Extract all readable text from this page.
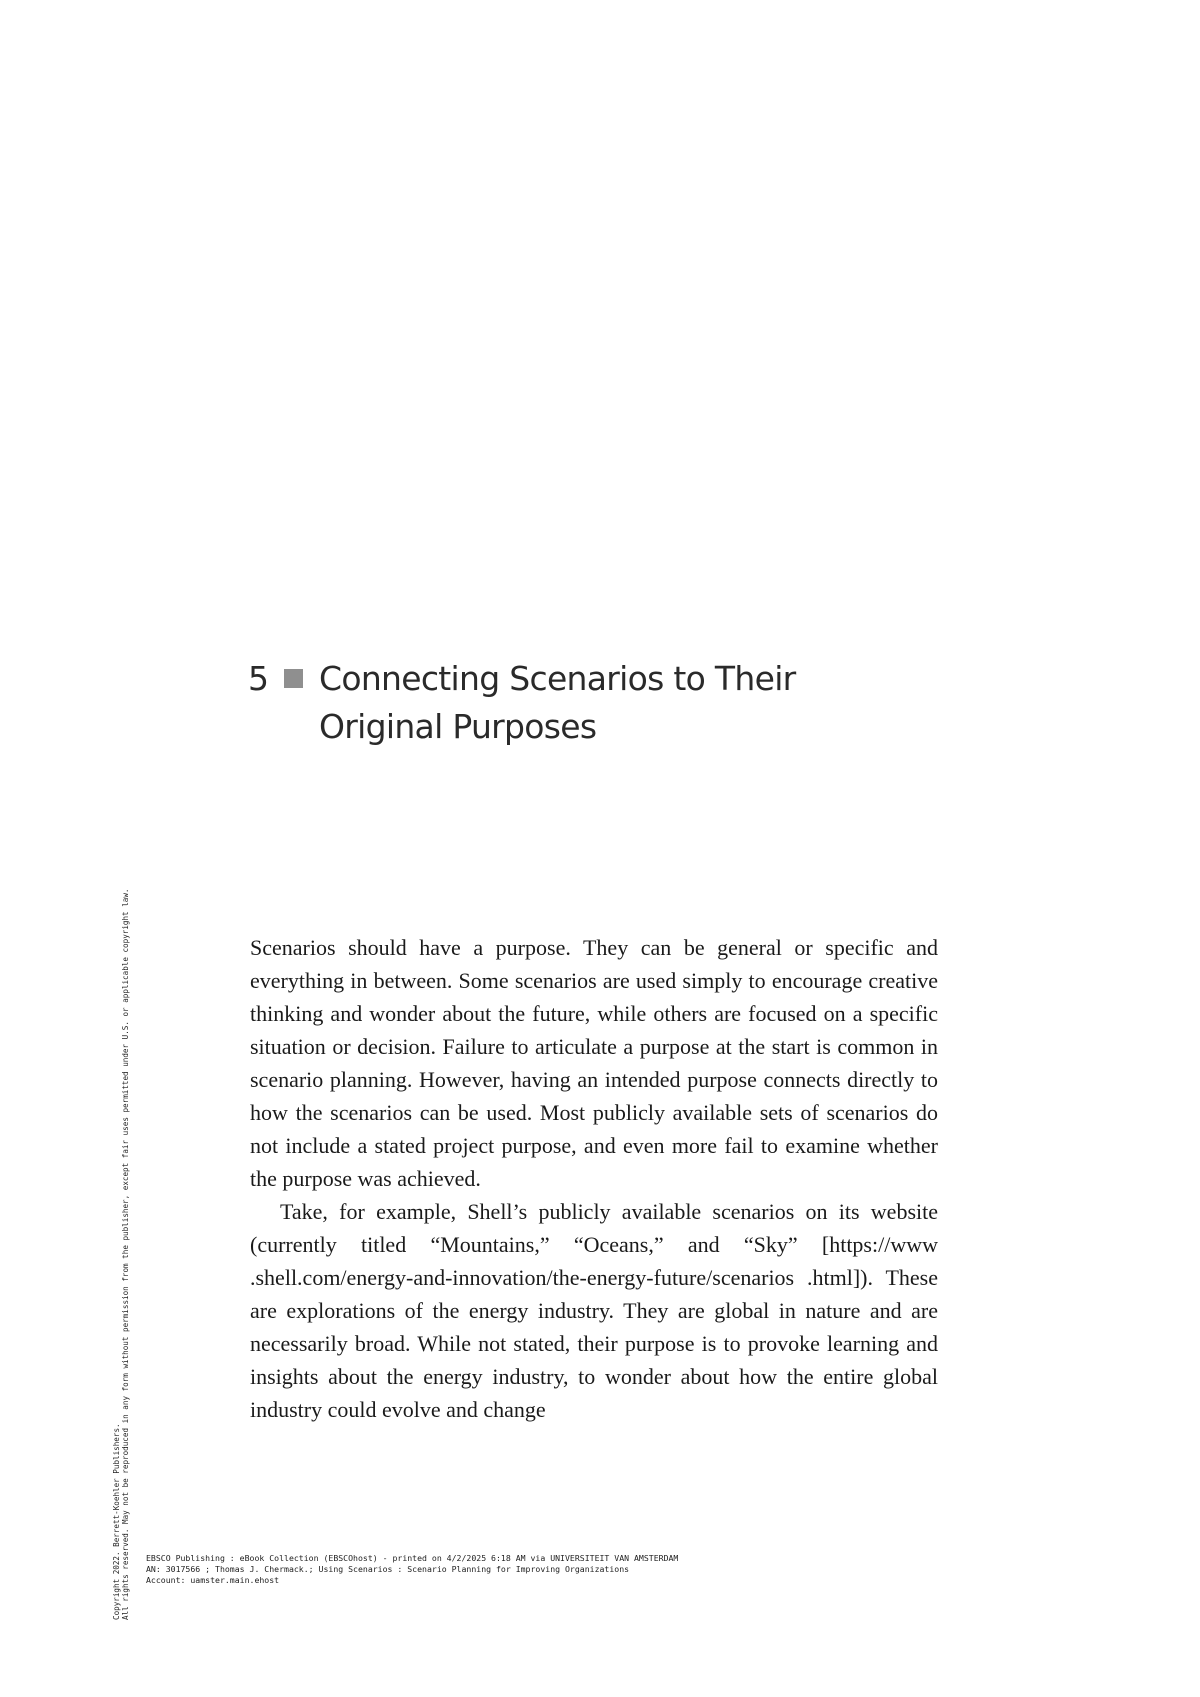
5 Connecting Scenarios to Their Original Purposes

Scenarios should have a purpose. They can be general or specific and everything in between. Some scenarios are used simply to encourage creative thinking and wonder about the future, while others are focused on a specific situation or decision. Failure to articulate a purpose at the start is common in scenario planning. However, having an intended purpose connects directly to how the scenarios can be used. Most publicly available sets of scenarios do not include a stated project purpose, and even more fail to examine whether the purpose was achieved.

Take, for example, Shell’s publicly available scenarios on its website (currently titled “Mountains,” “Oceans,” and “Sky” [https://www .shell.com/energy-and-innovation/the-energy-future/scenarios .html]). These are explorations of the energy industry. They are global in nature and are necessarily broad. While not stated, their purpose is to provoke learning and insights about the energy industry, to wonder about how the entire global industry could evolve and change

Copyright 2022. Berrett-Koehler Publishers. All rights reserved. May not be reproduced in any form without permission from the publisher, except fair uses permitted under U.S. or applicable copyright law. EBSCO Publishing : eBook Collection (EBSCOhost) - printed on 4/2/2025 6:18 AM via UNIVERSITEIT VAN AMSTERDAM
AN: 3017566 ; Thomas J. Chermack.; Using Scenarios : Scenario Planning for Improving Organizations
Account: uamster.main.ehost
